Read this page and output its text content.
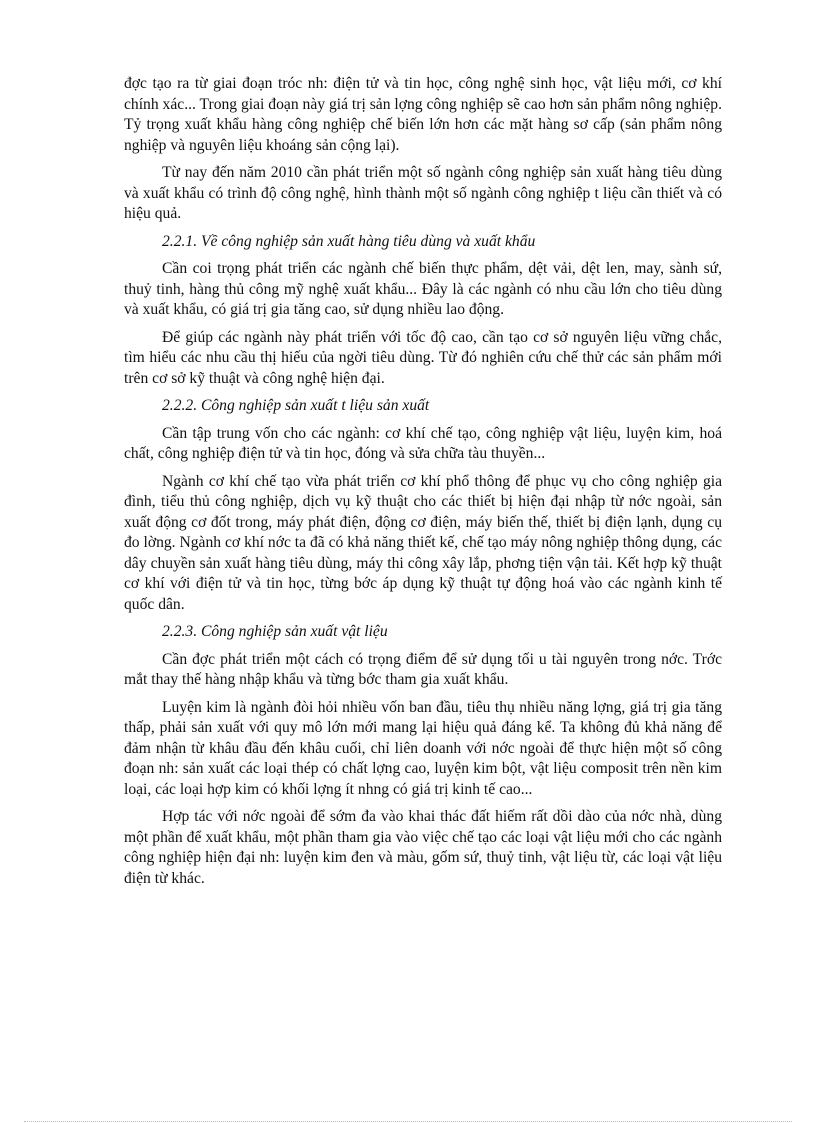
đợc tạo ra từ giai đoạn tróc nh: điện tử và tin học, công nghệ sinh học, vật liệu mới, cơ khí chính xác... Trong giai đoạn này giá trị sản lợng công nghiệp sẽ cao hơn sản phẩm nông nghiệp. Tỷ trọng xuất khẩu hàng công nghiệp chế biến lớn hơn các mặt hàng sơ cấp (sản phẩm nông nghiệp và nguyên liệu khoáng sản cộng lại).

Từ nay đến năm 2010 cần phát triển một số ngành công nghiệp sản xuất hàng tiêu dùng và xuất khẩu có trình độ công nghệ, hình thành một số ngành công nghiệp t liệu cần thiết và có hiệu quả.

2.2.1. Về công nghiệp sản xuất hàng tiêu dùng và xuất khẩu

Cần coi trọng phát triển các ngành chế biến thực phẩm, dệt vải, dệt len, may, sành sứ, thuỷ tinh, hàng thủ công mỹ nghệ xuất khẩu... Đây là các ngành có nhu cầu lớn cho tiêu dùng và xuất khẩu, có giá trị gia tăng cao, sử dụng nhiều lao động.

Để giúp các ngành này phát triển với tốc độ cao, cần tạo cơ sở nguyên liệu vững chắc, tìm hiểu các nhu cầu thị hiếu của ngời tiêu dùng. Từ đó nghiên cứu chế thử các sản phẩm mới trên cơ sở kỹ thuật và công nghệ hiện đại.

2.2.2. Công nghiệp sản xuất t liệu sản xuất

Cần tập trung vốn cho các ngành: cơ khí chế tạo, công nghiệp vật liệu, luyện kim, hoá chất, công nghiệp điện tử và tin học, đóng và sửa chữa tàu thuyền...

Ngành cơ khí chế tạo vừa phát triển cơ khí phổ thông để phục vụ cho công nghiệp gia đình, tiểu thủ công nghiệp, dịch vụ kỹ thuật cho các thiết bị hiện đại nhập từ nớc ngoài, sản xuất động cơ đốt trong, máy phát điện, động cơ điện, máy biến thế, thiết bị điện lạnh, dụng cụ đo lờng. Ngành cơ khí nớc ta đã có khả năng thiết kế, chế tạo máy nông nghiệp thông dụng, các dây chuyền sản xuất hàng tiêu dùng, máy thi công xây lắp, phơng tiện vận tải. Kết hợp kỹ thuật cơ khí với điện tử và tin học, từng bớc áp dụng kỹ thuật tự động hoá vào các ngành kinh tế quốc dân.

2.2.3. Công nghiệp sản xuất vật liệu

Cần đợc phát triển một cách có trọng điểm để sử dụng tối u tài nguyên trong nớc. Trớc mắt thay thế hàng nhập khẩu và từng bớc tham gia xuất khẩu.

Luyện kim là ngành đòi hỏi nhiều vốn ban đầu, tiêu thụ nhiều năng lợng, giá trị gia tăng thấp, phải sản xuất với quy mô lớn mới mang lại hiệu quả đáng kể. Ta không đủ khả năng để đảm nhận từ khâu đầu đến khâu cuối, chỉ liên doanh với nớc ngoài để thực hiện một số công đoạn nh: sản xuất các loại thép có chất lợng cao, luyện kim bột, vật liệu composit trên nền kim loại, các loại hợp kim có khối lợng ít nhng có giá trị kinh tế cao...

Hợp tác với nớc ngoài để sớm đa vào khai thác đất hiếm rất dồi dào của nớc nhà, dùng một phần để xuất khẩu, một phần tham gia vào việc chế tạo các loại vật liệu mới cho các ngành công nghiệp hiện đại nh: luyện kim đen và màu, gốm sứ, thuỷ tinh, vật liệu từ, các loại vật liệu điện từ khác.
